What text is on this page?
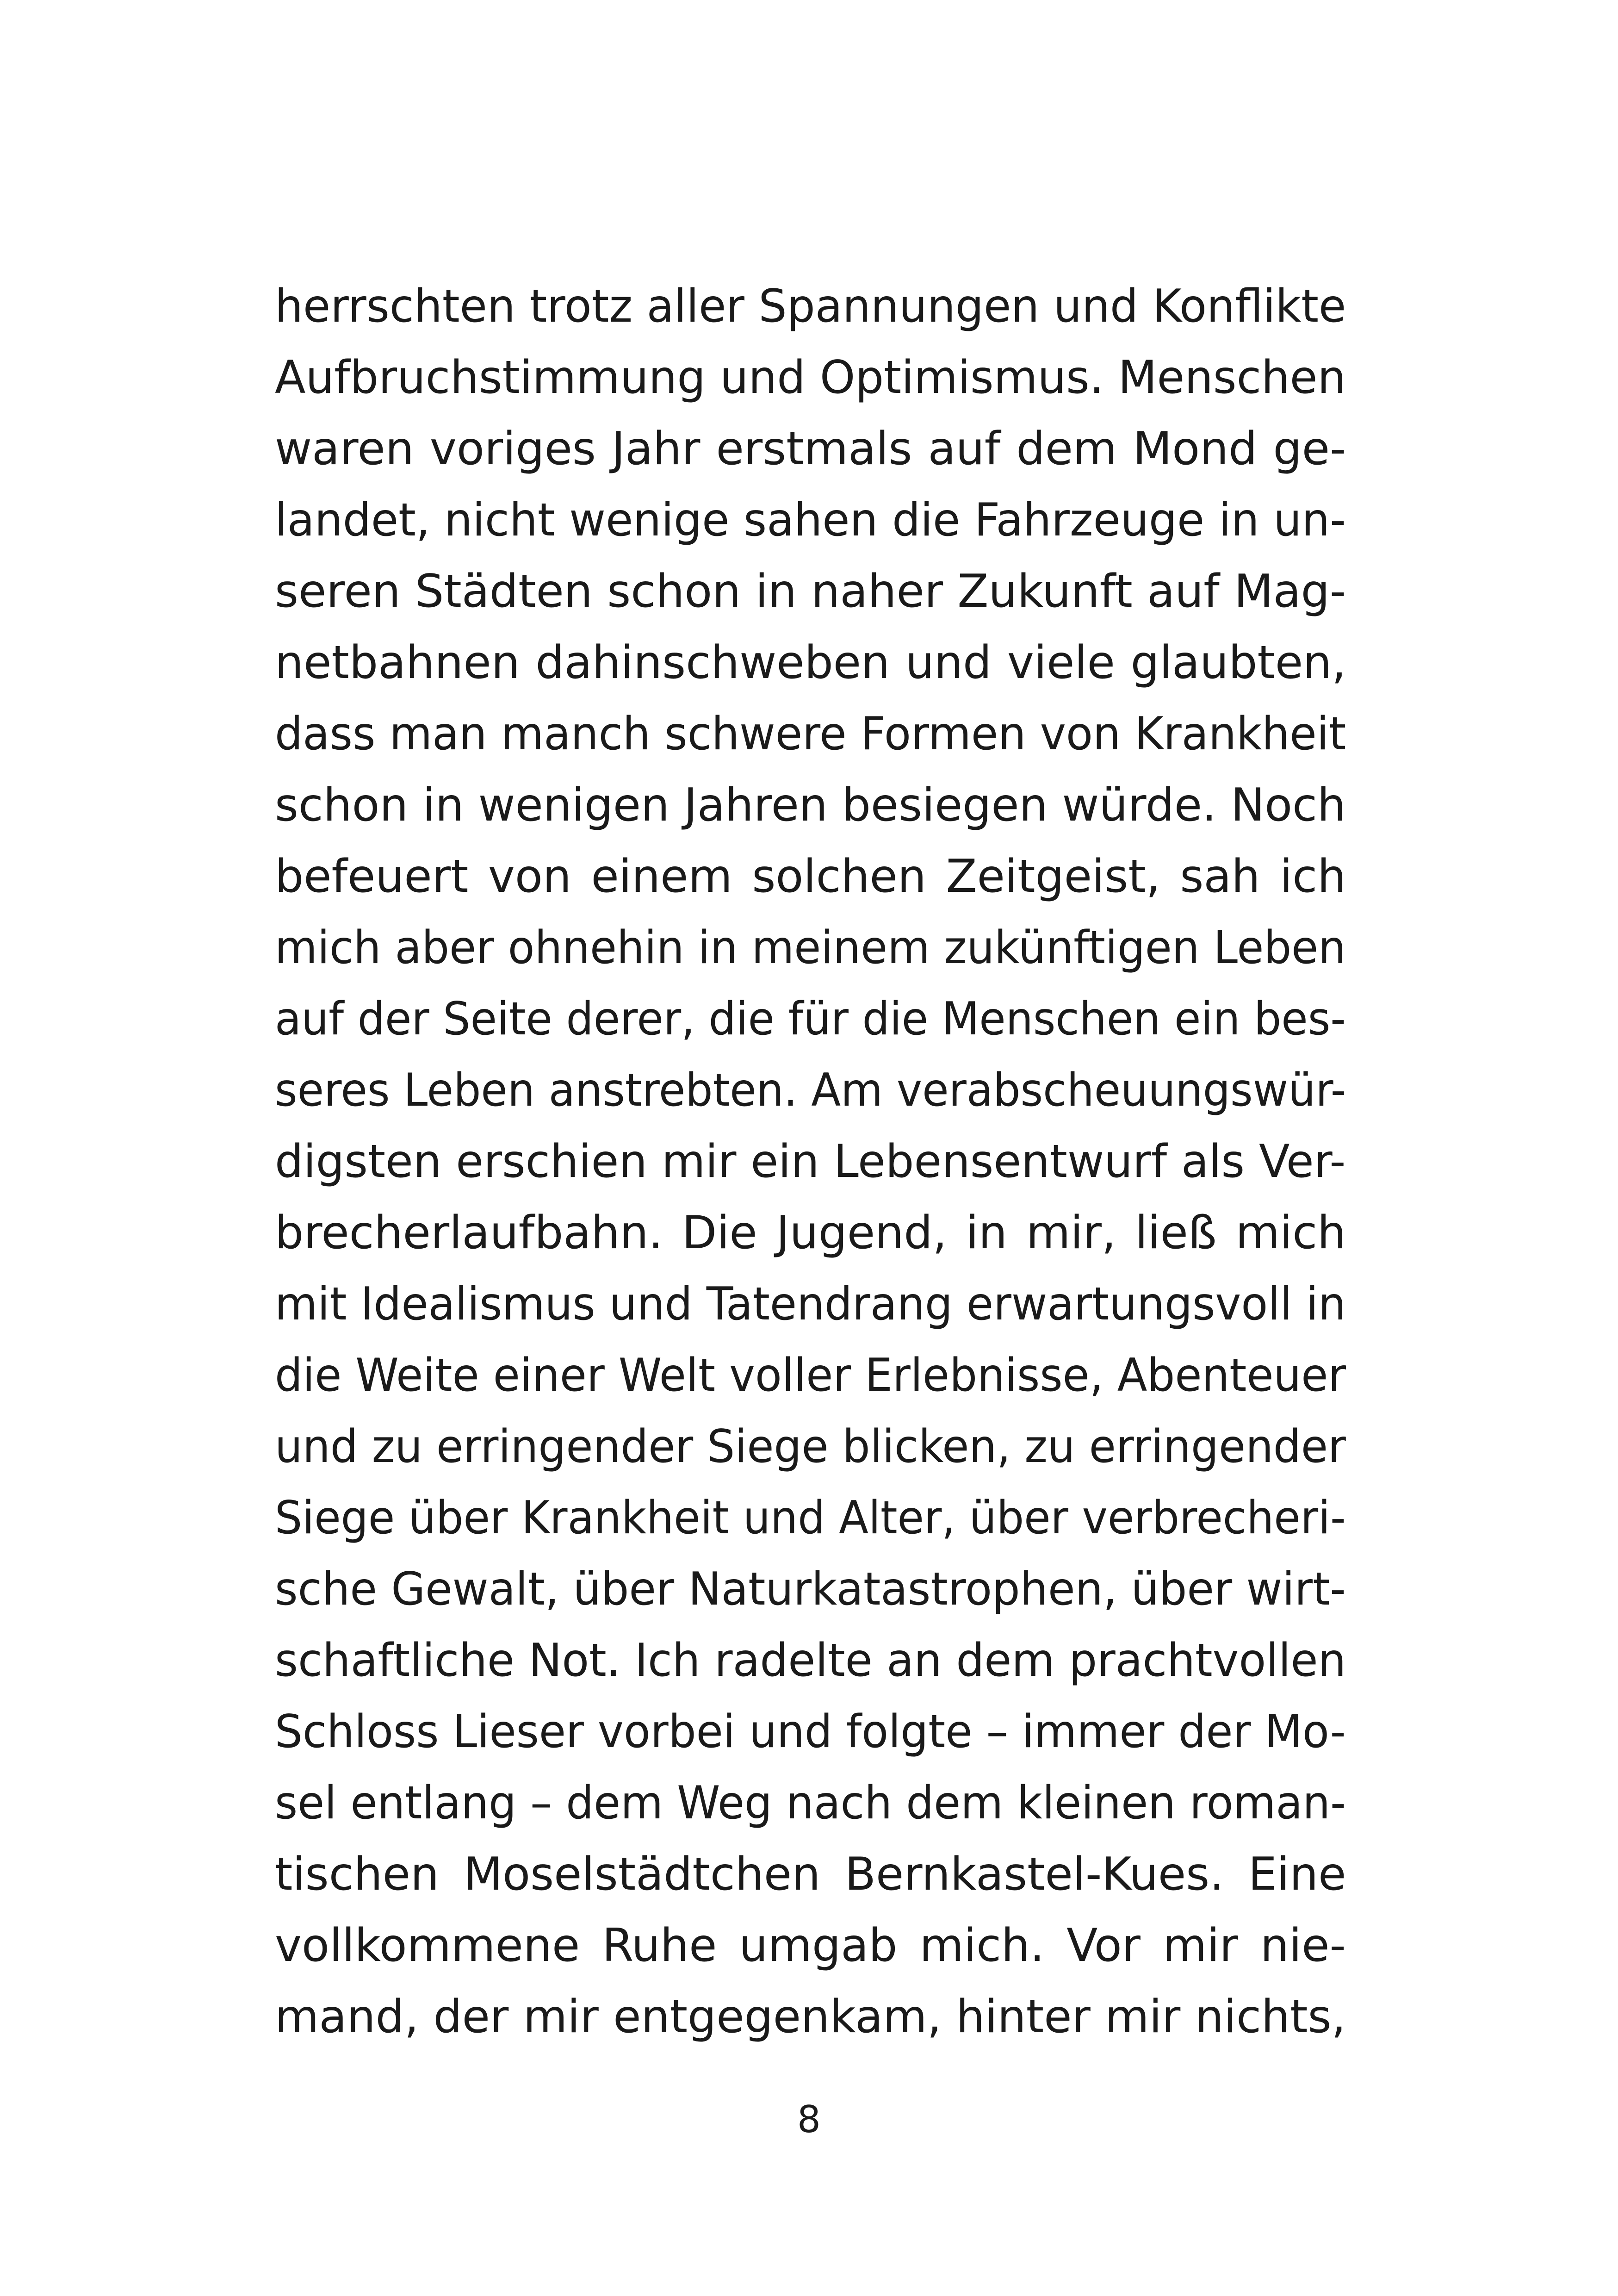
herrschten trotz aller Spannungen und Konflikte
Aufbruchstimmung und Optimismus. Menschen
waren voriges Jahr erstmals auf dem Mond ge-
landet, nicht wenige sahen die Fahrzeuge in un-
seren Städten schon in naher Zukunft auf Mag-
netbahnen dahinschweben und viele glaubten,
dass man manch schwere Formen von Krankheit
schon in wenigen Jahren besiegen würde. Noch
befeuert von einem solchen Zeitgeist, sah ich
mich aber ohnehin in meinem zukünftigen Leben
auf der Seite derer, die für die Menschen ein bes-
seres Leben anstrebten. Am verabscheuungswür-
digsten erschien mir ein Lebensentwurf als Ver-
brecherlaufbahn. Die Jugend, in mir, ließ mich
mit Idealismus und Tatendrang erwartungsvoll in
die Weite einer Welt voller Erlebnisse, Abenteuer
und zu erringender Siege blicken, zu erringender
Siege über Krankheit und Alter, über verbrecheri-
sche Gewalt, über Naturkatastrophen, über wirt-
schaftliche Not. Ich radelte an dem prachtvollen
Schloss Lieser vorbei und folgte – immer der Mo-
sel entlang – dem Weg nach dem kleinen roman-
tischen Moselstädtchen Bernkastel-Kues. Eine
vollkommene Ruhe umgab mich. Vor mir nie-
mand, der mir entgegenkam, hinter mir nichts,
8
